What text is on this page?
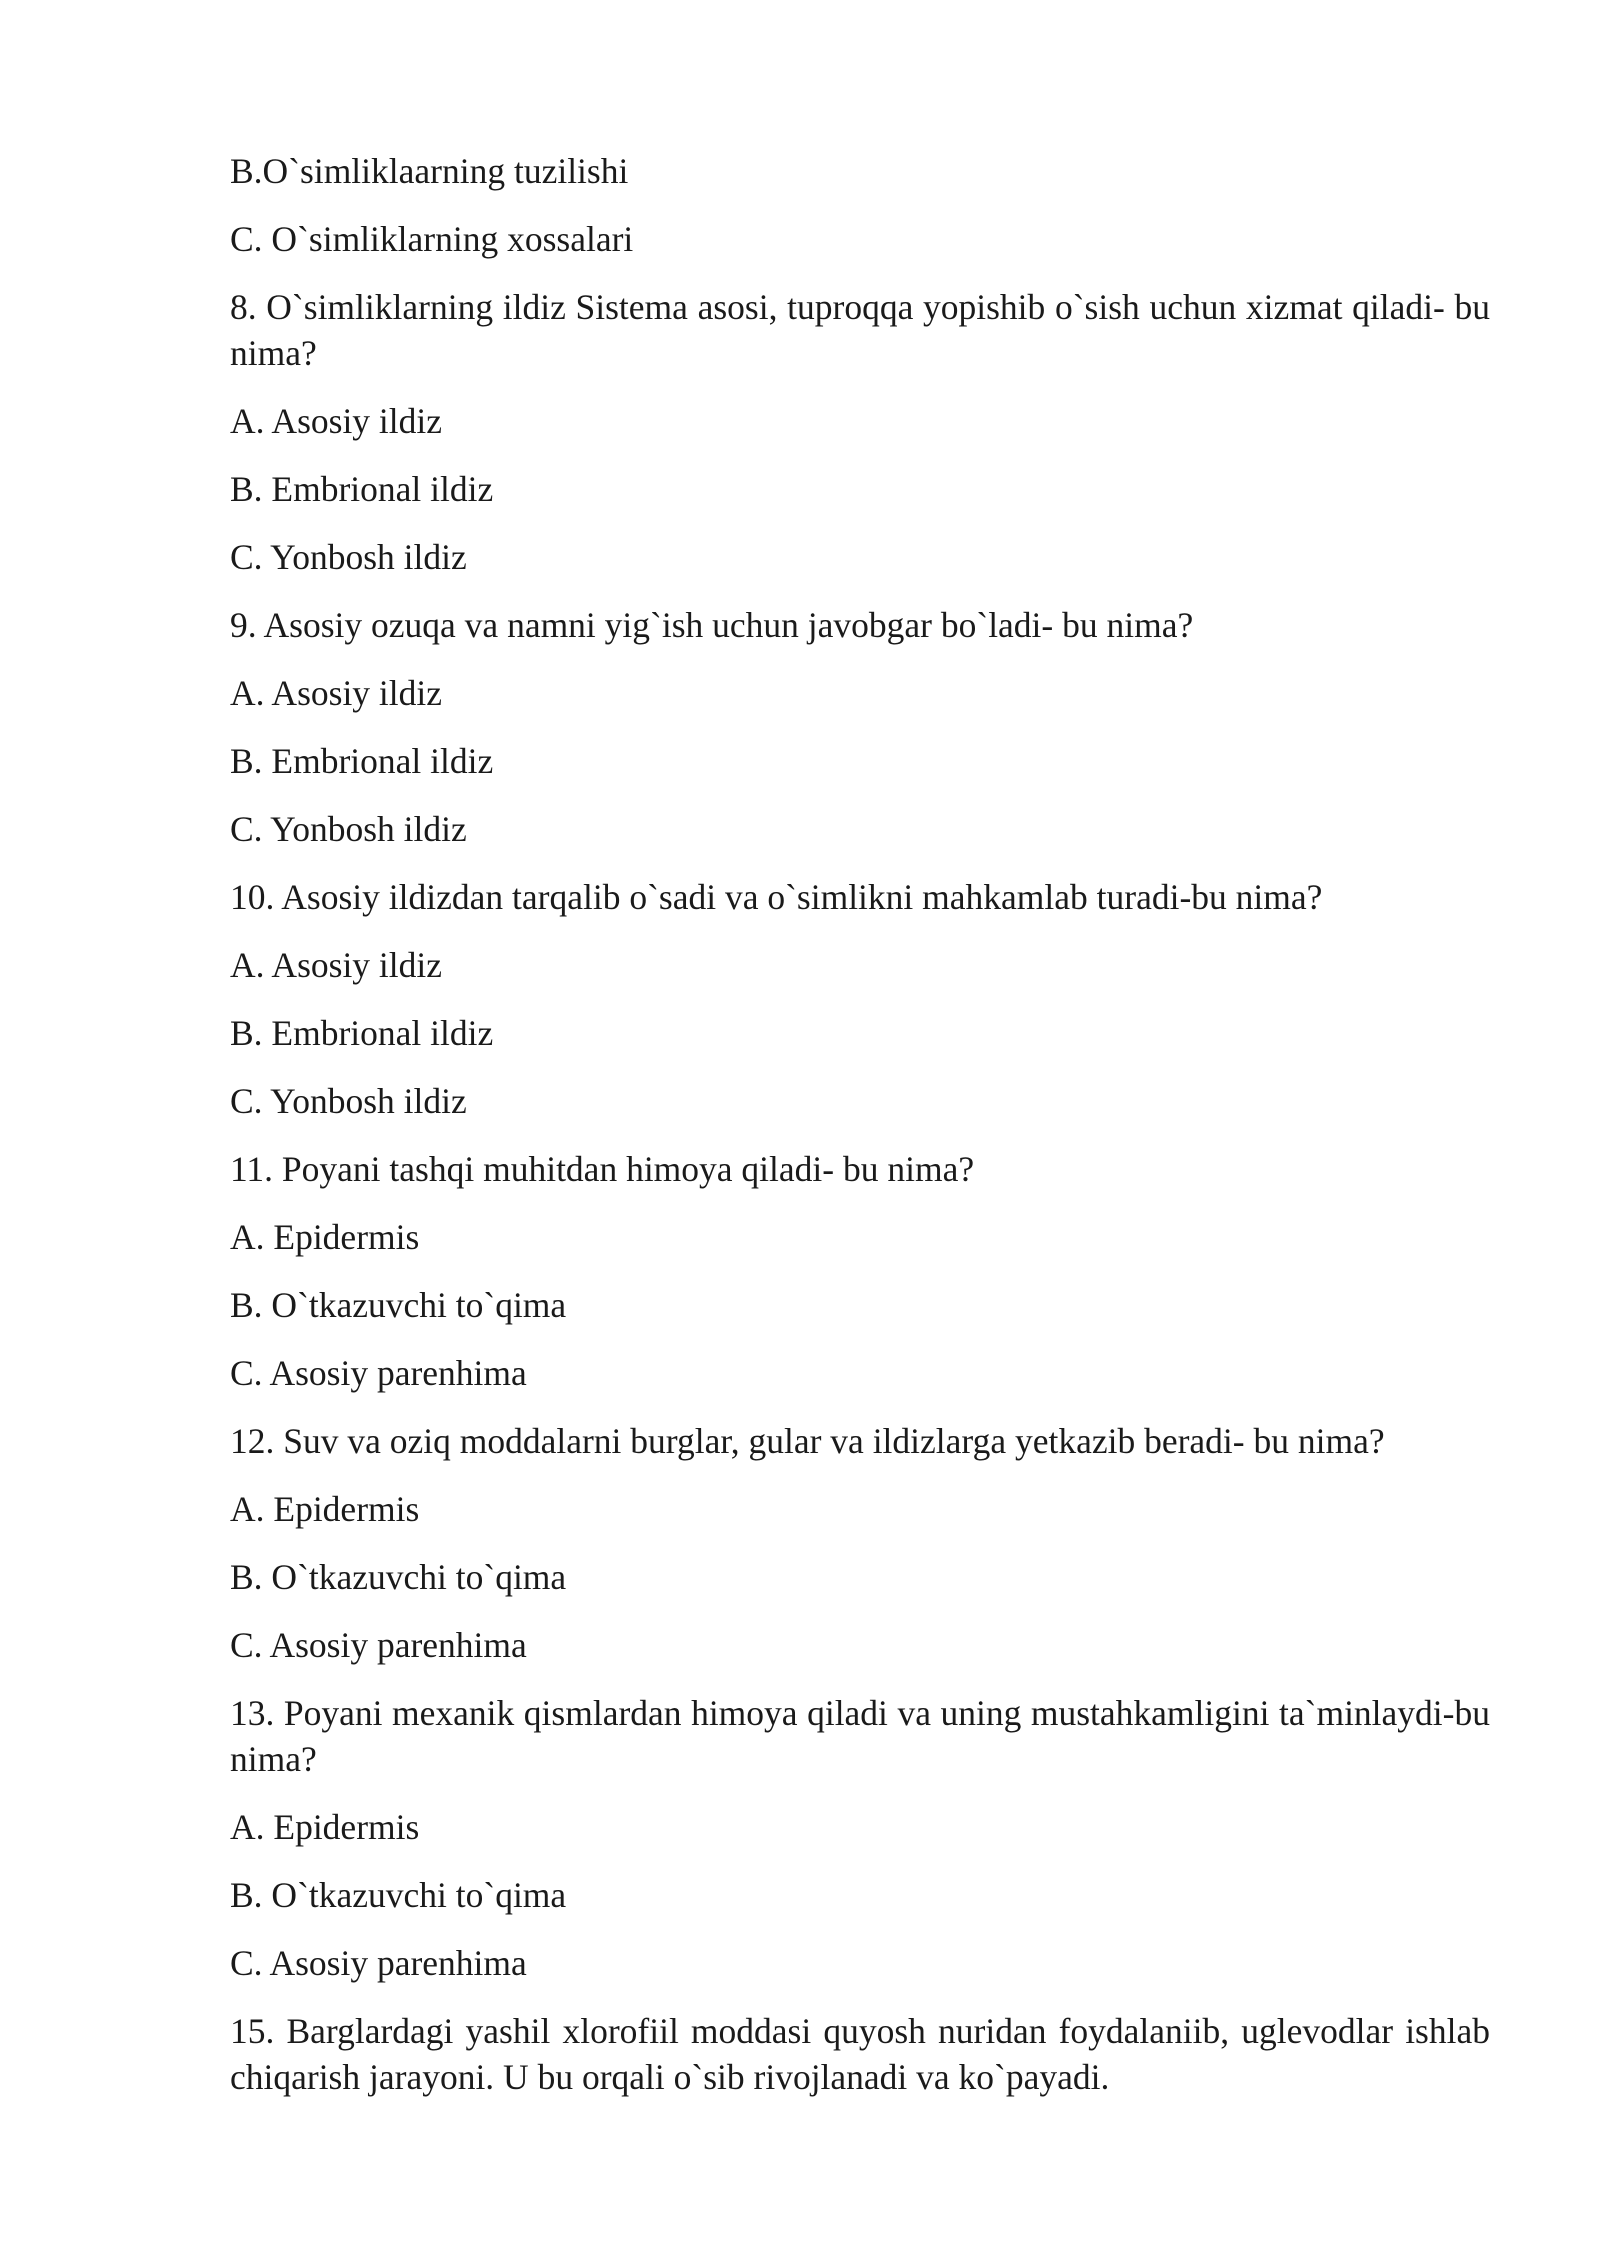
B.O`simliklaarning tuzilishi

C. O`simliklarning xossalari

8. O`simliklarning ildiz Sistema asosi, tuproqqa yopishib o`sish uchun xizmat qiladi- bu nima?

A. Asosiy ildiz

B. Embrional ildiz

C. Yonbosh ildiz

9. Asosiy ozuqa va namni yig`ish uchun javobgar bo`ladi- bu nima?

A. Asosiy ildiz

B. Embrional ildiz

C. Yonbosh ildiz

10. Asosiy ildizdan tarqalib o`sadi va o`simlikni mahkamlab turadi-bu nima?

A. Asosiy ildiz

B. Embrional ildiz

C. Yonbosh ildiz

11. Poyani tashqi muhitdan himoya qiladi- bu nima?

A. Epidermis

B. O`tkazuvchi to`qima

C. Asosiy parenhima

12. Suv va oziq moddalarni burglar, gular va ildizlarga yetkazib beradi- bu nima?

A. Epidermis

B. O`tkazuvchi to`qima

C. Asosiy parenhima

13. Poyani mexanik qismlardan himoya qiladi va uning mustahkamligini ta`minlaydi-bu nima?

A. Epidermis

B. O`tkazuvchi to`qima

C. Asosiy parenhima

15. Barglardagi yashil xlorofiil moddasi quyosh nuridan foydalaniib, uglevodlar ishlab chiqarish jarayoni. U bu orqali o`sib rivojlanadi va ko`payadi.
